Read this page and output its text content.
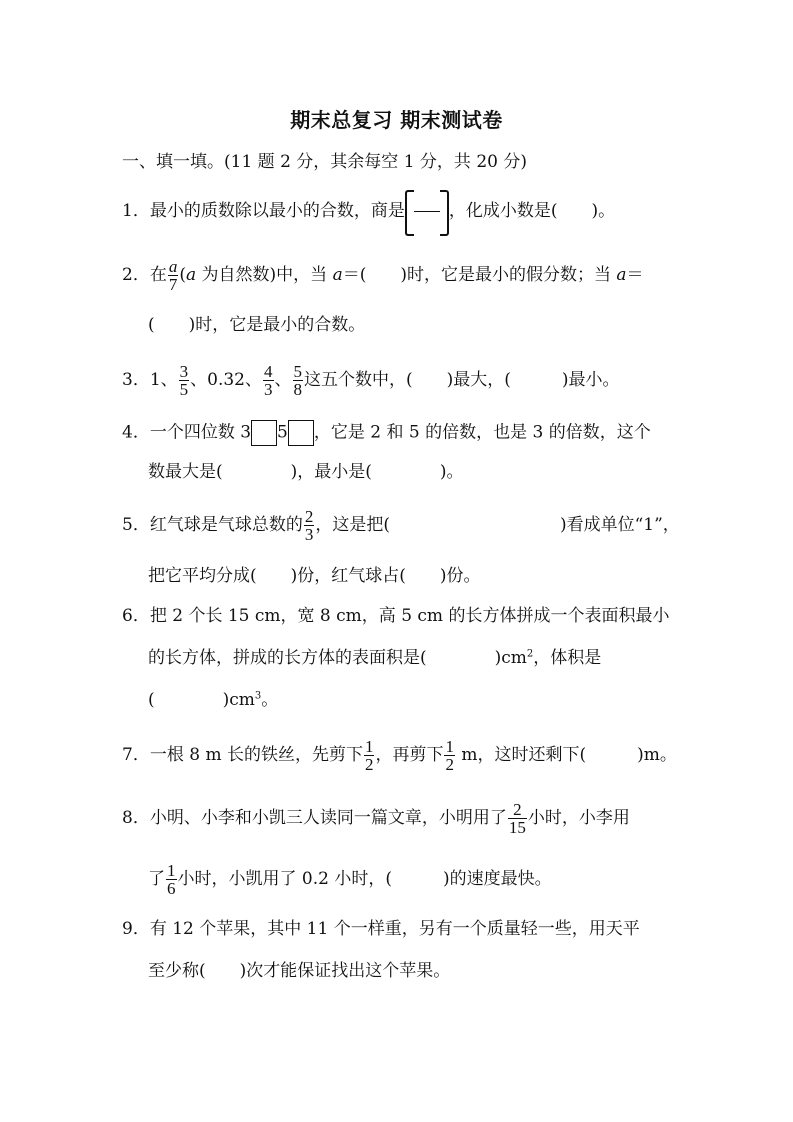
期末总复习 期末测试卷
一、填一填。(11 题 2 分，其余每空 1 分，共 20 分)
1．最小的质数除以最小的合数，商是	，化成小数是(　　)。
2．在 $\frac{a}{7} (a$ 为自然数)中，当 a＝(　　)时，它是最小的假分数；当 a＝
(　　)时，它是最小的合数。
3．1、 $\frac{3}{5}$ 、0.32、 $\frac{4}{3}$ 、 $\frac{5}{8}$ 这五个数中，(　　)最大，(　　　)最小。
4．一个四位数 3 5 ，它是 2 和 5 的倍数，也是 3 的倍数，这个
数最大是(　　　　)，最小是(　　　　)。
5．红气球是气球总数的 $\frac{2}{3}$ ，这是把(　　　　　　　　　　)看成单位“1”，
把它平均分成(　　)份，红气球占(　　)份。
6．把 2 个长 15 cm，宽 8 cm，高 5 cm 的长方体拼成一个表面积最小
的长方体，拼成的长方体的表面积是(　　　　)$cm^2$，体积是
(　　　　)$cm^3$。
7．一根 8 m 长的铁丝，先剪下 $\frac{1}{2}$ ，再剪下 $\frac{1}{2}$ m，这时还剩下(　　　)m。
8．小明、小李和小凯三人读同一篇文章，小明用了 $\frac{2}{15}$ 小时，小李用
了 $\frac{1}{6}$ 小时，小凯用了 0.2 小时，(　　　)的速度最快。
9．有 12 个苹果，其中 11 个一样重，另有一个质量轻一些，用天平
至少称(　　)次才能保证找出这个苹果。
